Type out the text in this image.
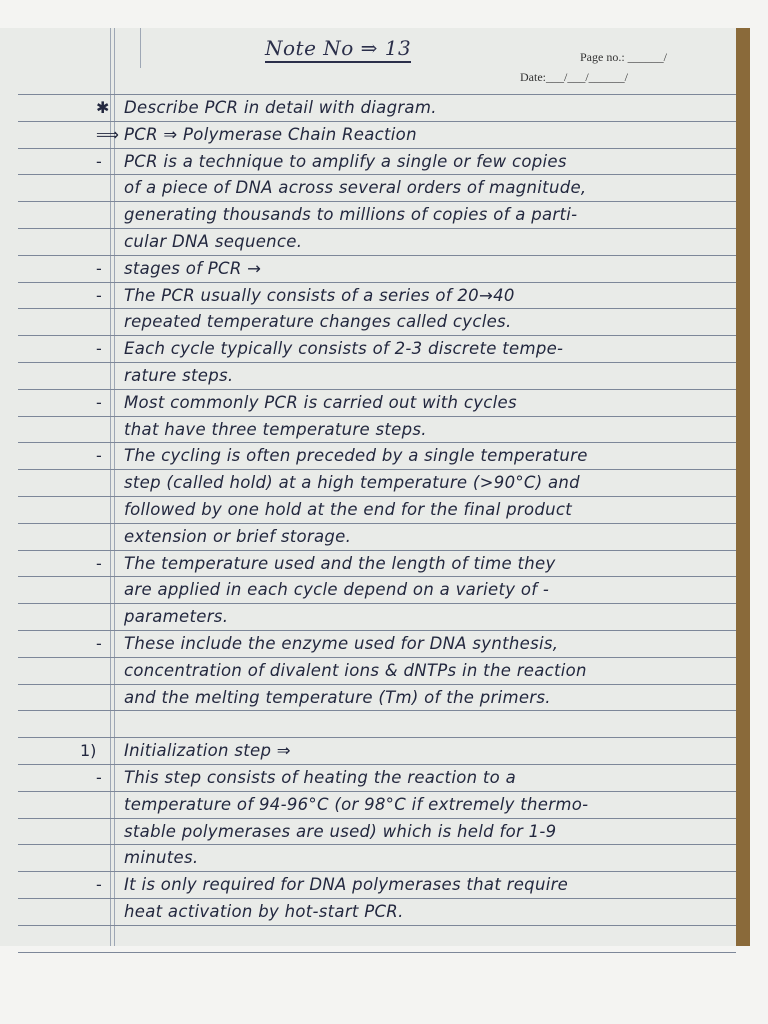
Note No ⇒ 13	Page no.: ______/
Date:___/___/______/
✱ Describe PCR in detail with diagram.
⟹ PCR ⇒ Polymerase Chain Reaction
- PCR is a technique to amplify a single or few copies
of a piece of DNA across several orders of magnitude,
generating thousands to millions of copies of a parti-
cular DNA sequence.
- stages of PCR →
- The PCR usually consists of a series of 20→40
repeated temperature changes called cycles.
- Each cycle typically consists of 2-3 discrete tempe-
rature steps.
- Most commonly PCR is carried out with cycles
that have three temperature steps.
- The cycling is often preceded by a single temperature
step (called hold) at a high temperature (>90°C) and
followed by one hold at the end for the final product
extension or brief storage.
- The temperature used and the length of time they
are applied in each cycle depend on a variety of -
parameters.
- These include the enzyme used for DNA synthesis,
concentration of divalent ions & dNTPs in the reaction
and the melting temperature (Tm) of the primers.
1) Initialization step ⇒
- This step consists of heating the reaction to a
temperature of 94-96°C (or 98°C if extremely thermo-
stable polymerases are used) which is held for 1-9
minutes.
- It is only required for DNA polymerases that require
heat activation by hot-start PCR.
